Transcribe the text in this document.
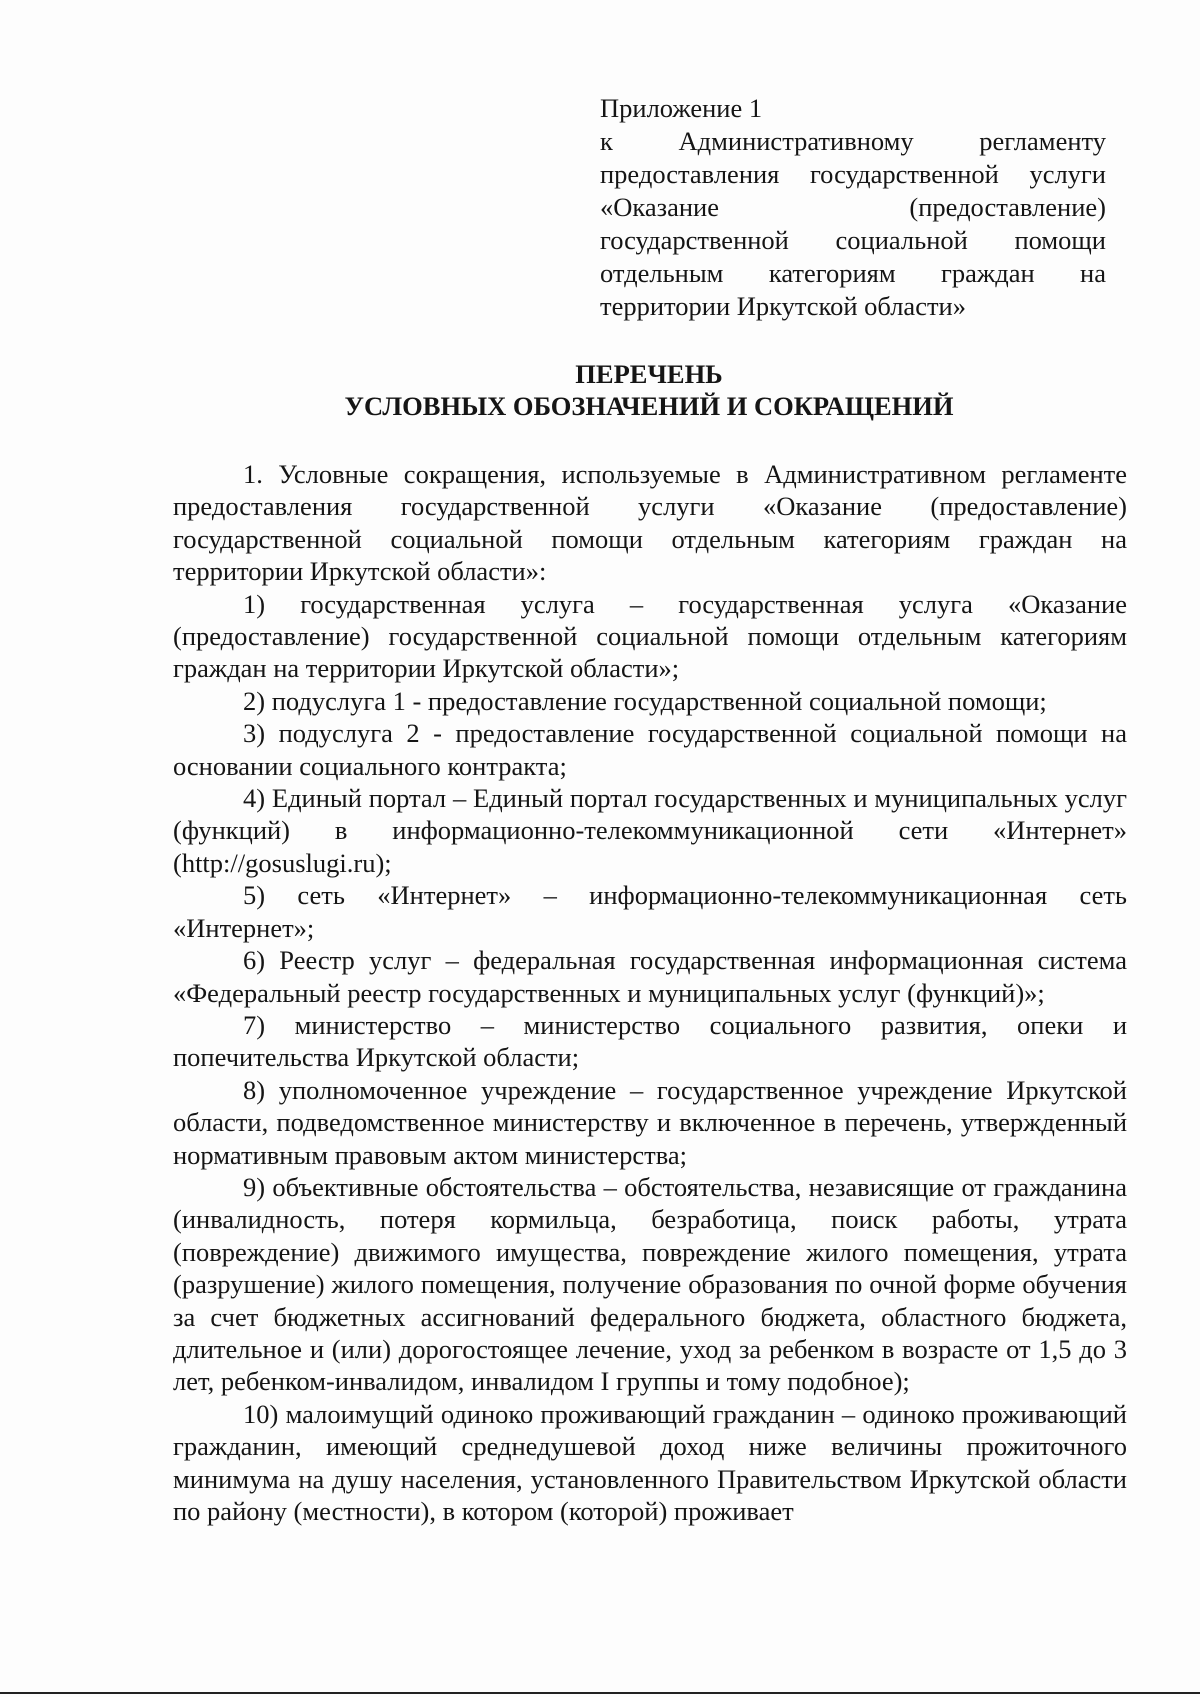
Приложение 1
к Административному регламенту
предоставления государственной услуги
«Оказание (предоставление)
государственной социальной помощи
отдельным категориям граждан на
территории Иркутской области»
ПЕРЕЧЕНЬ
УСЛОВНЫХ ОБОЗНАЧЕНИЙ И СОКРАЩЕНИЙ

1. Условные сокращения, используемые в Административном регламенте предоставления государственной услуги «Оказание (предоставление) государственной социальной помощи отдельным категориям граждан на территории Иркутской области»:

1) государственная услуга – государственная услуга «Оказание (предоставление) государственной социальной помощи отдельным категориям граждан на территории Иркутской области»;

2) подуслуга 1 - предоставление государственной социальной помощи;

3) подуслуга 2 - предоставление государственной социальной помощи на основании социального контракта;

4) Единый портал – Единый портал государственных и муниципальных услуг (функций) в информационно-телекоммуникационной сети «Интернет» (http://gosuslugi.ru);

5) сеть «Интернет» – информационно-телекоммуникационная сеть «Интернет»;

6) Реестр услуг – федеральная государственная информационная система «Федеральный реестр государственных и муниципальных услуг (функций)»;

7) министерство – министерство социального развития, опеки и попечительства Иркутской области;

8) уполномоченное учреждение – государственное учреждение Иркутской области, подведомственное министерству и включенное в перечень, утвержденный нормативным правовым актом министерства;

9) объективные обстоятельства – обстоятельства, независящие от гражданина (инвалидность, потеря кормильца, безработица, поиск работы, утрата (повреждение) движимого имущества, повреждение жилого помещения, утрата (разрушение) жилого помещения, получение образования по очной форме обучения за счет бюджетных ассигнований федерального бюджета, областного бюджета, длительное и (или) дорогостоящее лечение, уход за ребенком в возрасте от 1,5 до 3 лет, ребенком-инвалидом, инвалидом I группы и тому подобное);

10) малоимущий одиноко проживающий гражданин – одиноко проживающий гражданин, имеющий среднедушевой доход ниже величины прожиточного минимума на душу населения, установленного Правительством Иркутской области по району (местности), в котором (которой) проживает
